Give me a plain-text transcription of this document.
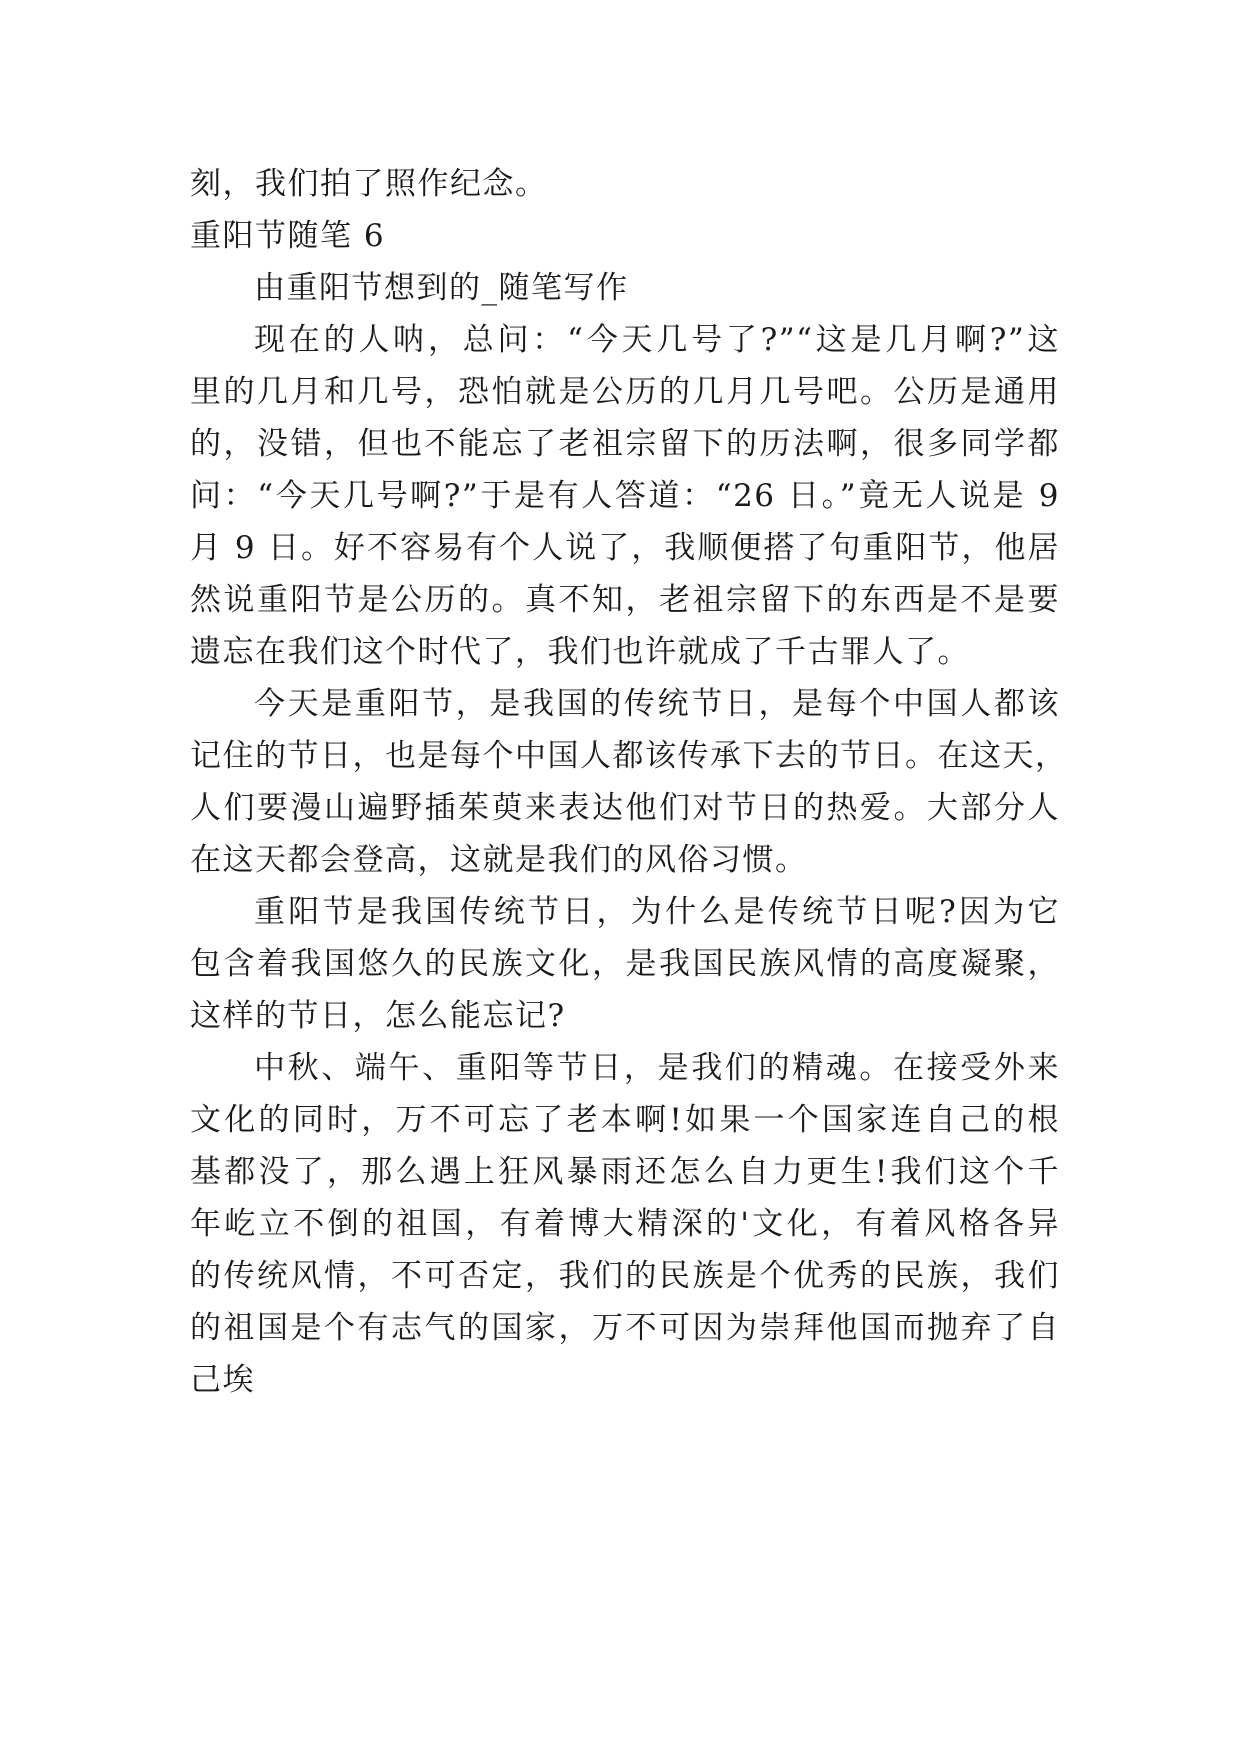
刻，我们拍了照作纪念。
重阳节随笔 6
由重阳节想到的_随笔写作
现在的人呐，总问：“今天几号了?”“这是几月啊?”这
里的几月和几号，恐怕就是公历的几月几号吧。公历是通用
的，没错，但也不能忘了老祖宗留下的历法啊，很多同学都
问：“今天几号啊?”于是有人答道：“26 日。”竟无人说是 9
月 9 日。好不容易有个人说了，我顺便搭了句重阳节，他居
然说重阳节是公历的。真不知，老祖宗留下的东西是不是要
遗忘在我们这个时代了，我们也许就成了千古罪人了。
今天是重阳节，是我国的传统节日，是每个中国人都该
记住的节日，也是每个中国人都该传承下去的节日。在这天，
人们要漫山遍野插茱萸来表达他们对节日的热爱。大部分人
在这天都会登高，这就是我们的风俗习惯。
重阳节是我国传统节日，为什么是传统节日呢?因为它
包含着我国悠久的民族文化，是我国民族风情的高度凝聚，
这样的节日，怎么能忘记?
中秋、端午、重阳等节日，是我们的精魂。在接受外来
文化的同时，万不可忘了老本啊!如果一个国家连自己的根
基都没了，那么遇上狂风暴雨还怎么自力更生!我们这个千
年屹立不倒的祖国，有着博大精深的'文化，有着风格各异
的传统风情，不可否定，我们的民族是个优秀的民族，我们
的祖国是个有志气的国家，万不可因为崇拜他国而抛弃了自
己埃
